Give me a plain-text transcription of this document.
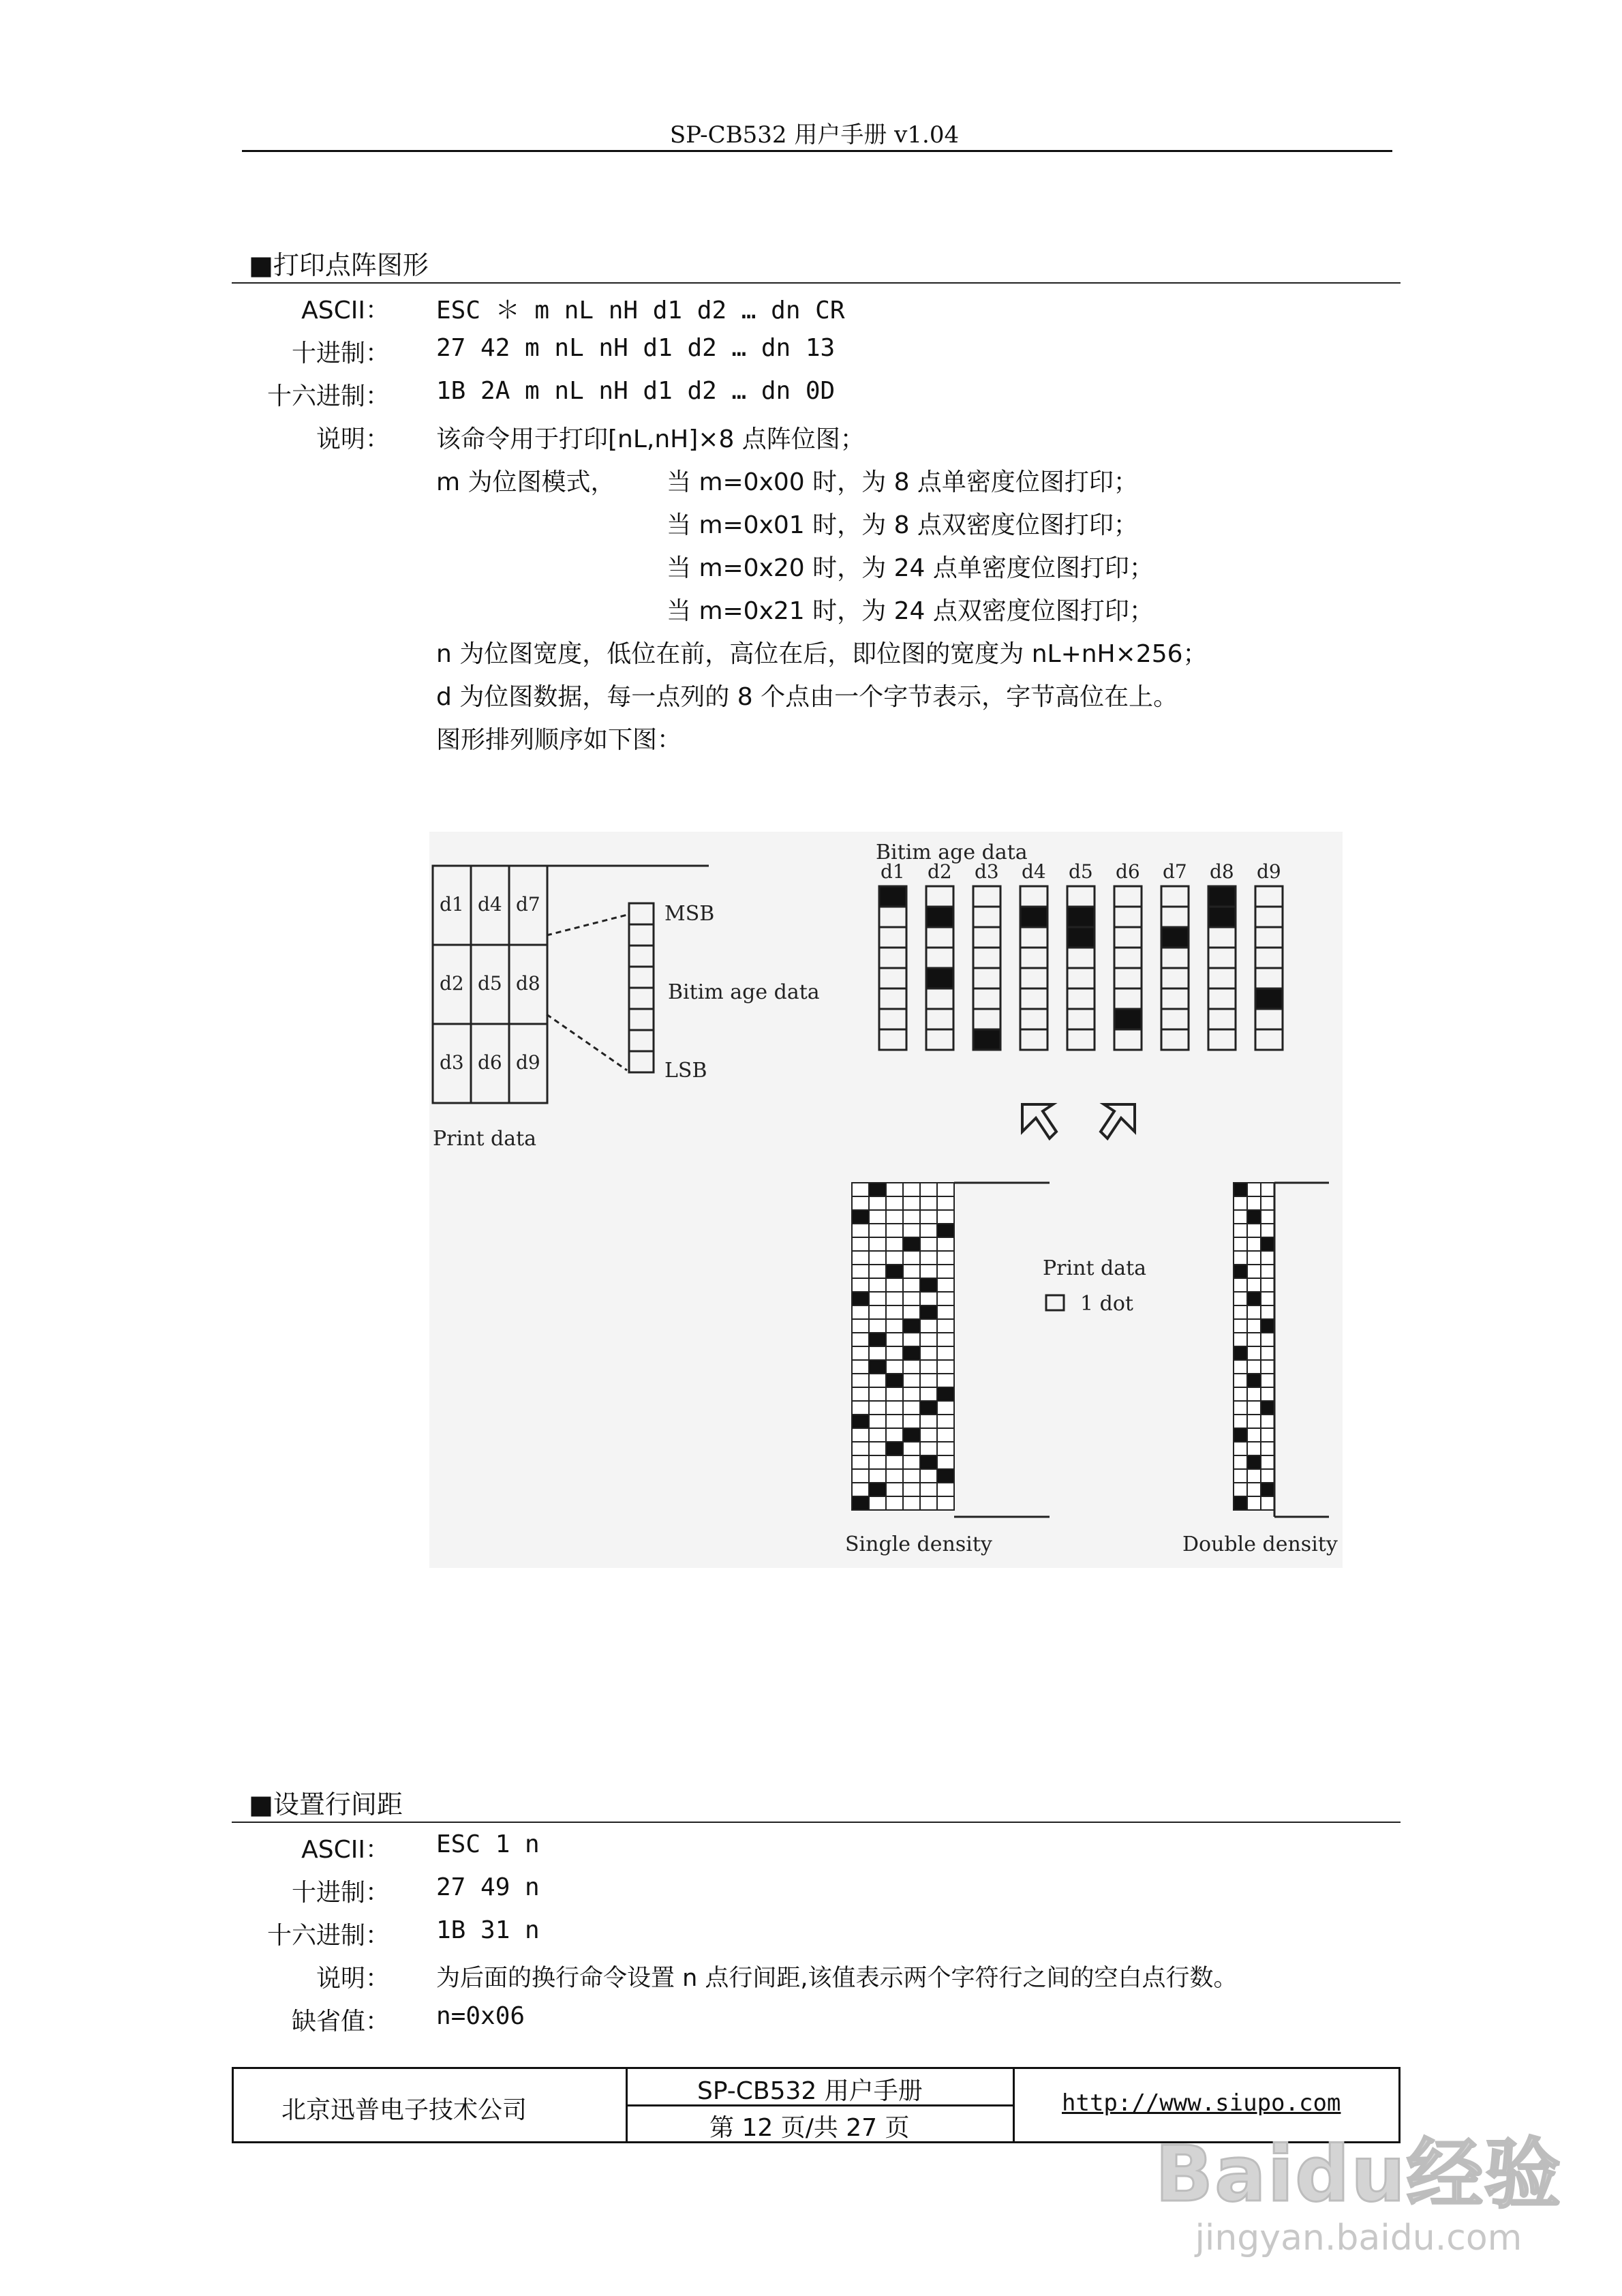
SP-CB532 用户手册 v1.04
■打印点阵图形
ASCII： ESC ＊ m nL nH d1 d2 … dn CR
十进制： 27 42 m nL nH d1 d2 … dn 13
十六进制： 1B 2A m nL nH d1 d2 … dn 0D
说明： 该命令用于打印[nL,nH]×8 点阵位图；
m 为位图模式， 当 m=0x00 时，为 8 点单密度位图打印；
当 m=0x01 时，为 8 点双密度位图打印；
当 m=0x20 时，为 24 点单密度位图打印；
当 m=0x21 时，为 24 点双密度位图打印；
n 为位图宽度，低位在前，高位在后，即位图的宽度为 nL+nH×256；
d 为位图数据，每一点列的 8 个点由一个字节表示，字节高位在上。
图形排列顺序如下图：
d1 d4 d7
d2 d5 d8
d3 d6 d9
MSB
Bitim age data
LSB
Print data
Bitim age data
d1 d2 d3 d4 d5 d6 d7 d8 d9
Print data
1 dot
Single density	Double density
■设置行间距
ASCII： ESC 1 n
十进制： 27 49 n
十六进制： 1B 31 n
说明： 为后面的换行命令设置 n 点行间距,该值表示两个字符行之间的空白点行数。
缺省值： n=0x06
北京迅普电子技术公司
SP-CB532 用户手册
第 12 页/共 27 页
http://www.siupo.com
Baidu经验
jingyan.baidu.com
